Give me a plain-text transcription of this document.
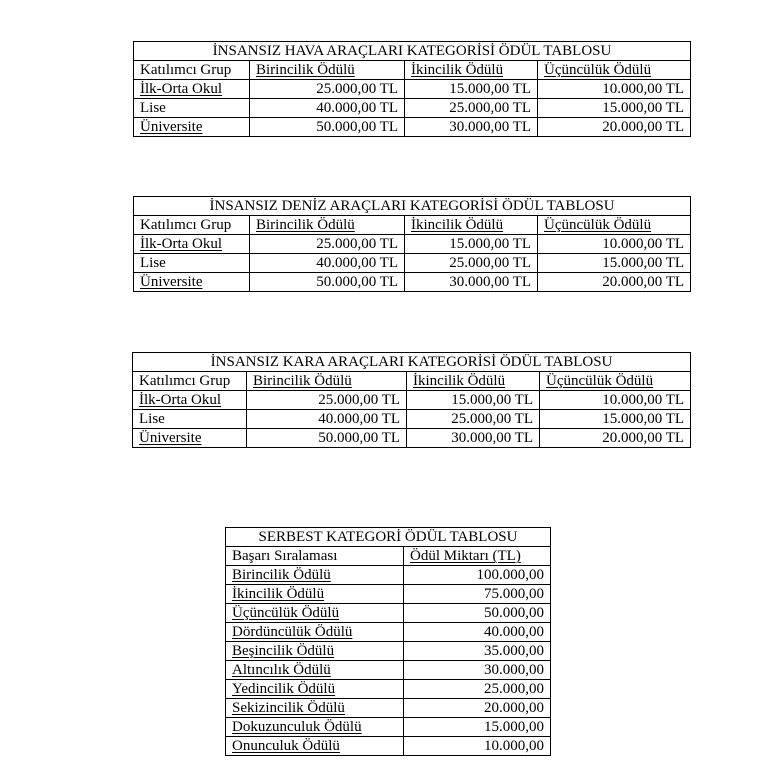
İNSANSIZ HAVA ARAÇLARI KATEGORİSİ ÖDÜL TABLOSU			
Katılımcı Grup	Birincilik Ödülü	İkincilik Ödülü	Üçüncülük Ödülü
İlk-Orta Okul	25.000,00 TL	15.000,00 TL	10.000,00 TL
Lise	40.000,00 TL	25.000,00 TL	15.000,00 TL
Üniversite	50.000,00 TL	30.000,00 TL	20.000,00 TL
İNSANSIZ DENİZ ARAÇLARI KATEGORİSİ ÖDÜL TABLOSU			
Katılımcı Grup	Birincilik Ödülü	İkincilik Ödülü	Üçüncülük Ödülü
İlk-Orta Okul	25.000,00 TL	15.000,00 TL	10.000,00 TL
Lise	40.000,00 TL	25.000,00 TL	15.000,00 TL
Üniversite	50.000,00 TL	30.000,00 TL	20.000,00 TL
İNSANSIZ KARA ARAÇLARI KATEGORİSİ ÖDÜL TABLOSU			
Katılımcı Grup	Birincilik Ödülü	İkincilik Ödülü	Üçüncülük Ödülü
İlk-Orta Okul	25.000,00 TL	15.000,00 TL	10.000,00 TL
Lise	40.000,00 TL	25.000,00 TL	15.000,00 TL
Üniversite	50.000,00 TL	30.000,00 TL	20.000,00 TL
SERBEST KATEGORİ ÖDÜL TABLOSU	
Başarı Sıralaması	Ödül Miktarı (TL)
Birincilik Ödülü	100.000,00
İkincilik Ödülü	75.000,00
Üçüncülük Ödülü	50.000,00
Dördüncülük Ödülü	40.000,00
Beşincilik Ödülü	35.000,00
Altıncılık Ödülü	30.000,00
Yedincilik Ödülü	25.000,00
Sekizincilik Ödülü	20.000,00
Dokuzunculuk Ödülü	15.000,00
Onunculuk Ödülü	10.000,00
